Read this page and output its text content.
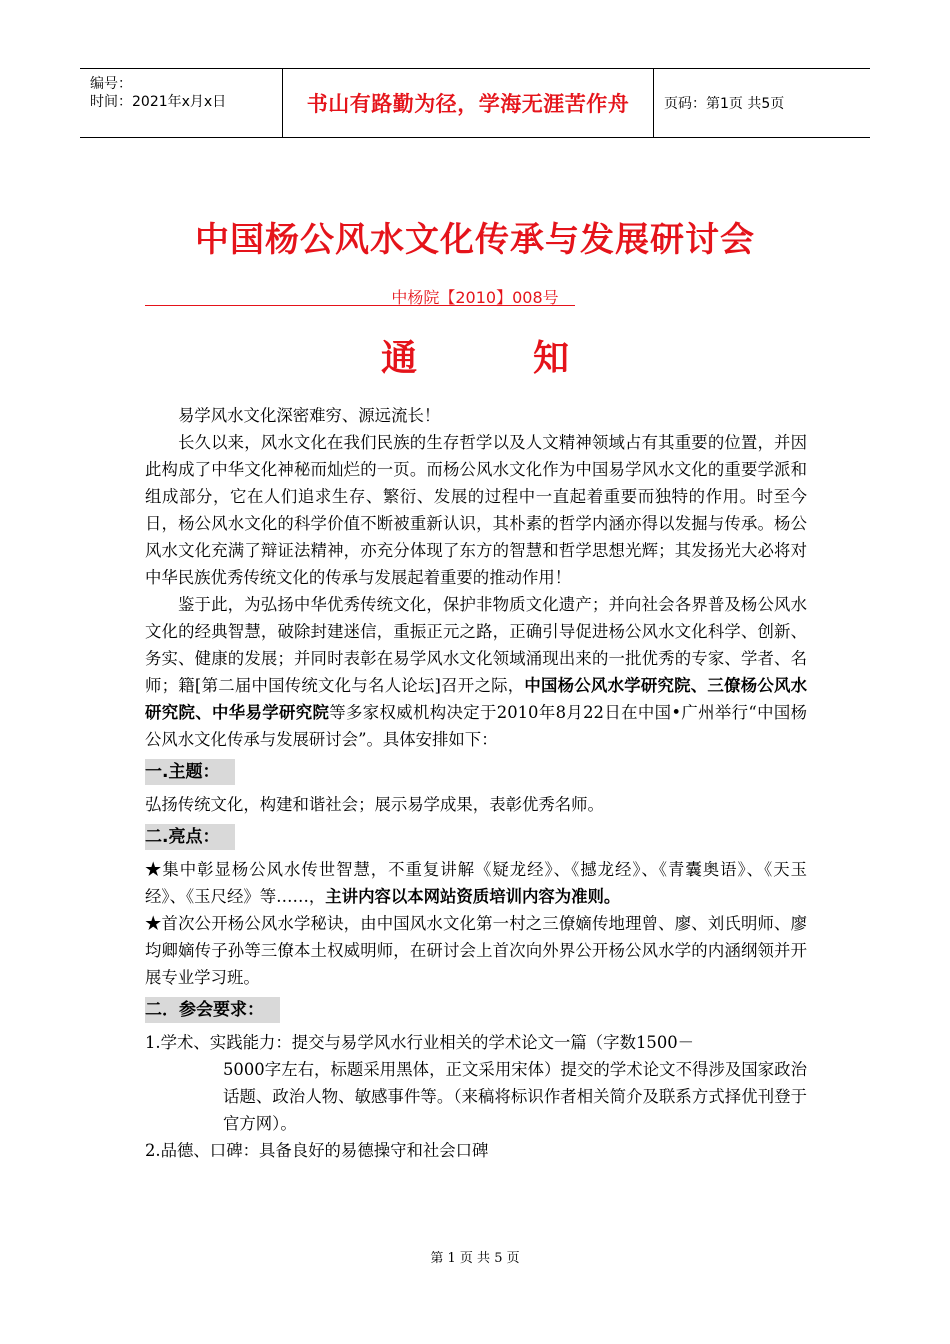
编号：
时间：2021年x月x日	书山有路勤为径，学海无涯苦作舟	页码：第1页 共5页
中国杨公风水文化传承与发展研讨会
中杨院【2010】008号
通	知

易学风水文化深密难穷、源远流长！

长久以来，风水文化在我们民族的生存哲学以及人文精神领域占有其重要的位置，并因此构成了中华文化神秘而灿烂的一页。而杨公风水文化作为中国易学风水文化的重要学派和组成部分，它在人们追求生存、繁衍、发展的过程中一直起着重要而独特的作用。时至今日，杨公风水文化的科学价值不断被重新认识，其朴素的哲学内涵亦得以发掘与传承。杨公风水文化充满了辩证法精神，亦充分体现了东方的智慧和哲学思想光辉；其发扬光大必将对中华民族优秀传统文化的传承与发展起着重要的推动作用！

鉴于此，为弘扬中华优秀传统文化，保护非物质文化遗产；并向社会各界普及杨公风水文化的经典智慧，破除封建迷信，重振正元之路，正确引导促进杨公风水文化科学、创新、务实、健康的发展；并同时表彰在易学风水文化领域涌现出来的一批优秀的专家、学者、名师；籍[第二届中国传统文化与名人论坛]召开之际，中国杨公风水学研究院、三僚杨公风水研究院、中华易学研究院等多家权威机构决定于2010年8月22日在中国•广州举行“中国杨公风水文化传承与发展研讨会”。具体安排如下：

一.主题：

弘扬传统文化，构建和谐社会；展示易学成果，表彰优秀名师。

二.亮点：

★集中彰显杨公风水传世智慧，不重复讲解《疑龙经》、《撼龙经》、《青囊奥语》、《天玉经》、《玉尺经》等……，主讲内容以本网站资质培训内容为准则。

★首次公开杨公风水学秘诀，由中国风水文化第一村之三僚嫡传地理曾、廖、刘氏明师、廖均卿嫡传子孙等三僚本土权威明师，在研讨会上首次向外界公开杨公风水学的内涵纲领并开展专业学习班。

二．参会要求：

1.学术、实践能力：提交与易学风水行业相关的学术论文一篇（字数1500－

5000字左右，标题采用黑体，正文采用宋体）提交的学术论文不得涉及国家政治话题、政治人物、敏感事件等。（来稿将标识作者相关简介及联系方式择优刊登于官方网）。

2.品德、口碑：具备良好的易德操守和社会口碑

第 1 页 共 5 页
